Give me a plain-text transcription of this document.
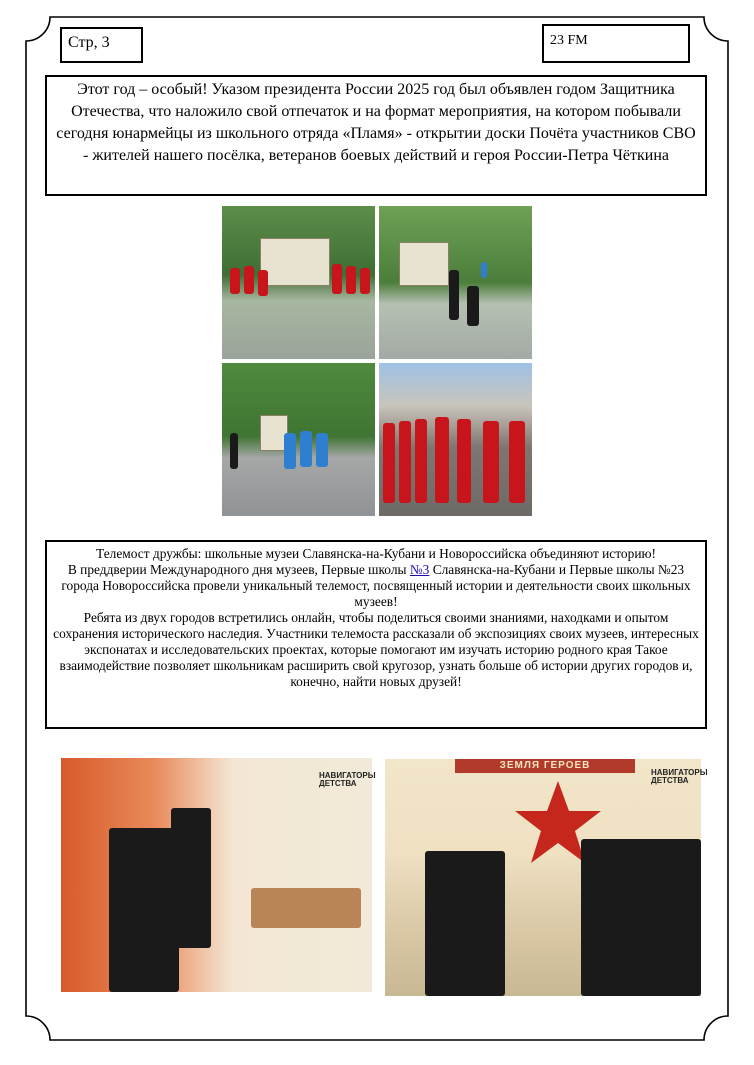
Стр, 3	23 FM
Этот год – особый! Указом президента России 2025 год был объявлен годом Защитника Отечества, что наложило свой отпечаток и на формат мероприятия, на котором побывали сегодня юнармейцы из школьного отряда «Пламя» - открытии доски Почёта участников СВО - жителей нашего посёлка, ветеранов боевых действий и героя России-Петра Чёткина
Телемост дружбы: школьные музеи Славянска-на-Кубани и Новороссийска объединяют историю!
В преддверии Международного дня музеев, Первые школы №3 Славянска-на-Кубани и Первые школы №23 города Новороссийска провели уникальный телемост, посвященный истории и деятельности своих школьных музеев!
Ребята из двух городов встретились онлайн, чтобы поделиться своими знаниями, находками и опытом сохранения исторического наследия. Участники телемоста рассказали об экспозициях своих музеев, интересных экспонатах и исследовательских проектах, которые помогают им изучать историю родного края Такое взаимодействие позволяет школьникам расширить свой кругозор, узнать больше об истории других городов и, конечно, найти новых друзей!
НАВИГАТОРЫ
ДЕТСТВА
ЗЕМЛЯ ГЕРОЕВ
НАВИГАТОРЫ
ДЕТСТВА
